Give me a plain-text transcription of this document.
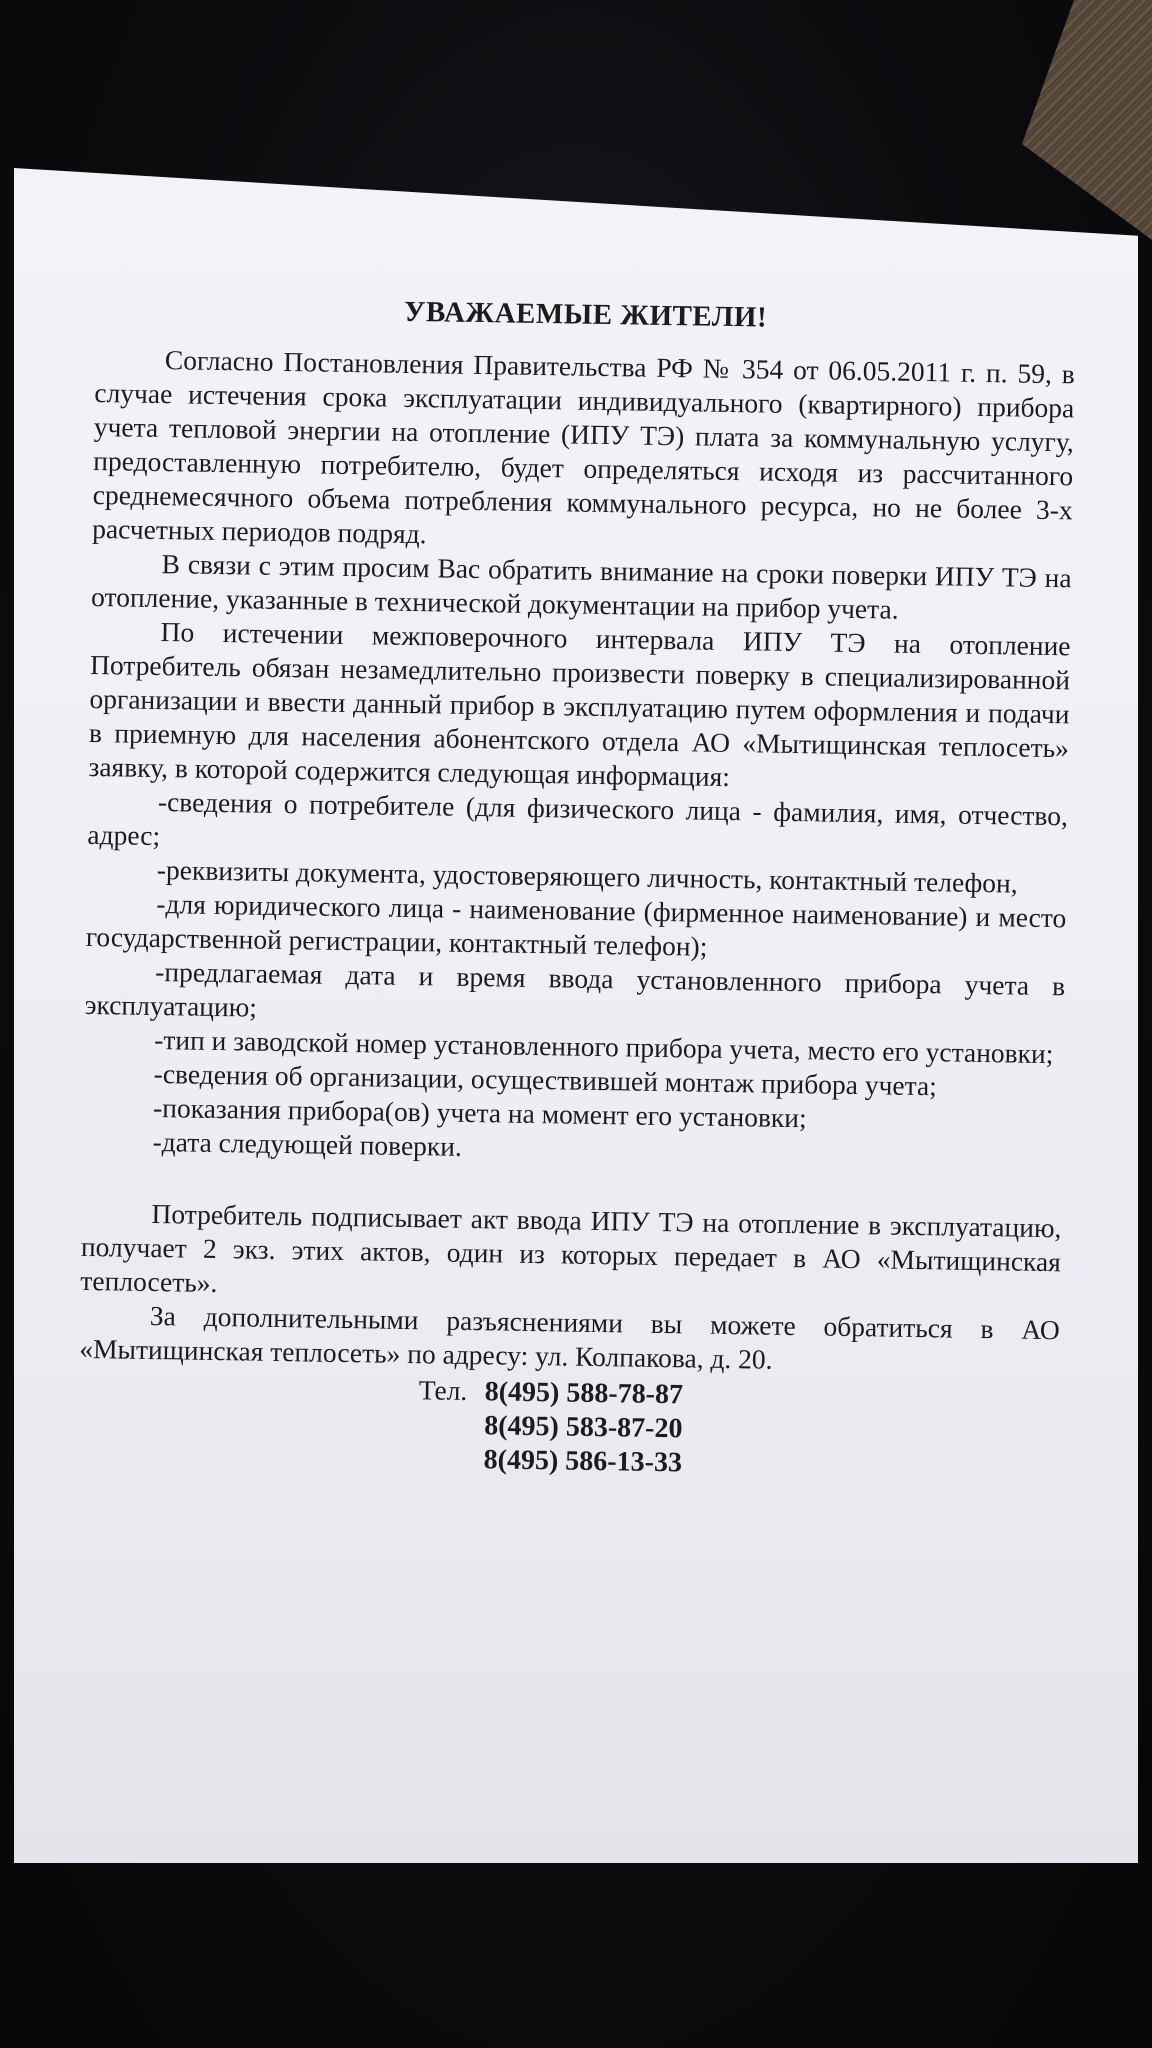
УВАЖАЕМЫЕ ЖИТЕЛИ!

Согласно Постановления Правительства РФ № 354 от 06.05.2011 г. п. 59, в случае истечения срока эксплуатации индивидуального (квартирного) прибора учета тепловой энергии на отопление (ИПУ ТЭ) плата за коммунальную услугу, предоставленную потребителю, будет определяться исходя из рассчитанного среднемесячного объема потребления коммунального ресурса, но не более 3-х расчетных периодов подряд.

В связи с этим просим Вас обратить внимание на сроки поверки ИПУ ТЭ на отопление, указанные в технической документации на прибор учета.

По истечении межповерочного интервала ИПУ ТЭ на отопление Потребитель обязан незамедлительно произвести поверку в специализированной организации и ввести данный прибор в эксплуатацию путем оформления и подачи в приемную для населения абонентского отдела АО «Мытищинская теплосеть» заявку, в которой содержится следующая информация:

-сведения о потребителе (для физического лица - фамилия, имя, отчество, адрес;

-реквизиты документа, удостоверяющего личность, контактный телефон,

-для юридического лица - наименование (фирменное наименование) и место государственной регистрации, контактный телефон);

-предлагаемая дата и время ввода установленного прибора учета в эксплуатацию;

-тип и заводской номер установленного прибора учета, место его установки;

-сведения об организации, осуществившей монтаж прибора учета;

-показания прибора(ов) учета на момент его установки;

-дата следующей поверки.

Потребитель подписывает акт ввода ИПУ ТЭ на отопление в эксплуатацию, получает 2 экз. этих актов, один из которых передает в АО «Мытищинская теплосеть».

За дополнительными разъяснениями вы можете обратиться в АО «Мытищинская теплосеть» по адресу: ул. Колпакова, д. 20.

Тел. 8(495) 588-78-87
8(495) 583-87-20
8(495) 586-13-33
